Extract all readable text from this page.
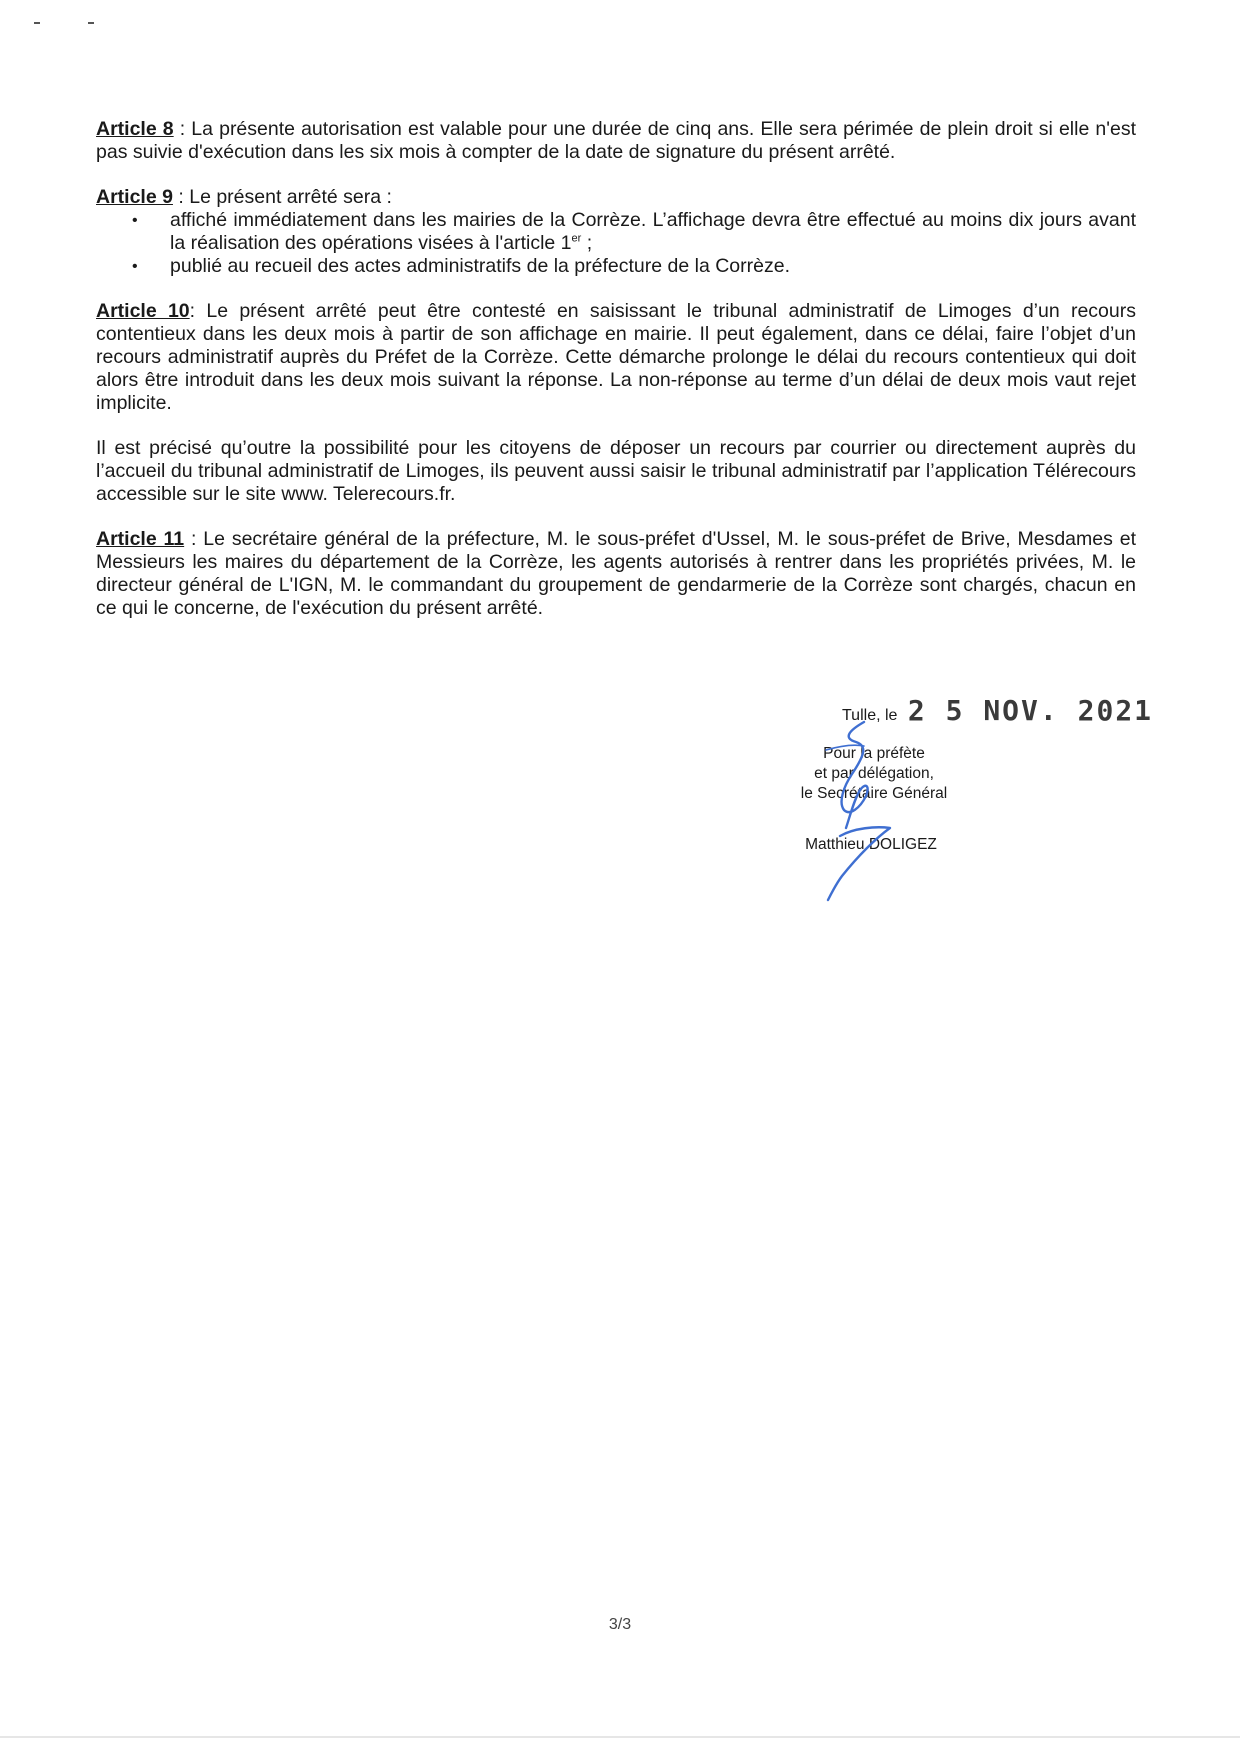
Article 8 : La présente autorisation est valable pour une durée de cinq ans. Elle sera périmée de plein droit si elle n'est pas suivie d'exécution dans les six mois à compter de la date de signature du présent arrêté.

Article 9 : Le présent arrêté sera :

• affiché immédiatement dans les mairies de la Corrèze. L’affichage devra être effectué au moins dix jours avant la réalisation des opérations visées à l'article 1er ;
• publié au recueil des actes administratifs de la préfecture de la Corrèze.

Article 10: Le présent arrêté peut être contesté en saisissant le tribunal administratif de Limoges d’un recours contentieux dans les deux mois à partir de son affichage en mairie. Il peut également, dans ce délai, faire l’objet d’un recours administratif auprès du Préfet de la Corrèze. Cette démarche prolonge le délai du recours contentieux qui doit alors être introduit dans les deux mois suivant la réponse. La non-réponse au terme d’un délai de deux mois vaut rejet implicite.

Il est précisé qu’outre la possibilité pour les citoyens de déposer un recours par courrier ou directement auprès du l’accueil du tribunal administratif de Limoges, ils peuvent aussi saisir le tribunal administratif par l’application Télérecours accessible sur le site www. Telerecours.fr.

Article 11 : Le secrétaire général de la préfecture, M. le sous-préfet d'Ussel, M. le sous-préfet de Brive, Mesdames et Messieurs les maires du département de la Corrèze, les agents autorisés à rentrer dans les propriétés privées, M. le directeur général de L'IGN, M. le commandant du groupement de gendarmerie de la Corrèze sont chargés, chacun en ce qui le concerne, de l'exécution du présent arrêté.

Tulle, le 2 5 NOV. 2021
Pour la préfète
et par délégation,
le Secrétaire Général
Matthieu DOLIGEZ
3/3
